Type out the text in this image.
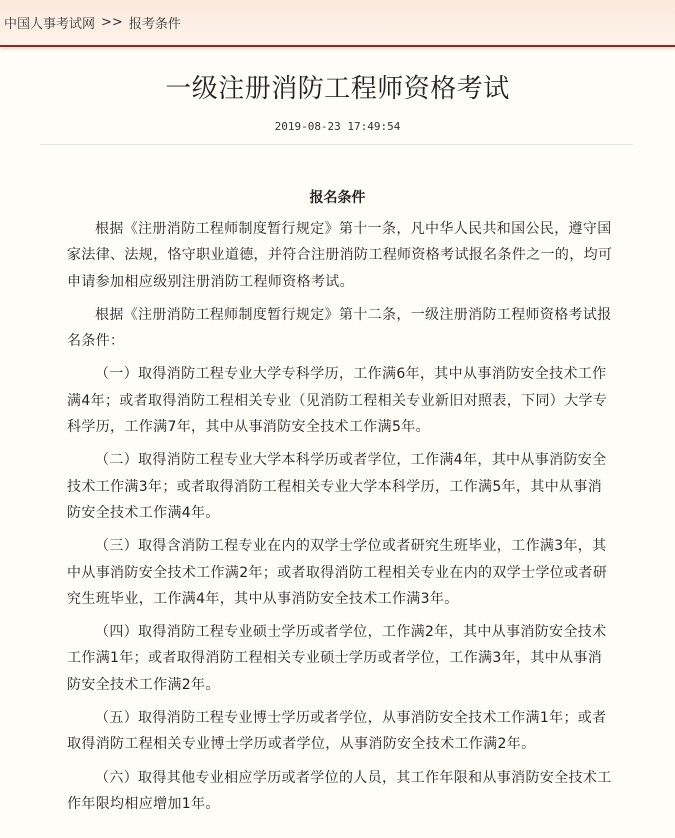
中国人事考试网 >> 报考条件
一级注册消防工程师资格考试
2019-08-23 17:49:54
报名条件

根据《注册消防工程师制度暂行规定》第十一条，凡中华人民共和国公民，遵守国家法律、法规，恪守职业道德，并符合注册消防工程师资格考试报名条件之一的，均可申请参加相应级别注册消防工程师资格考试。

根据《注册消防工程师制度暂行规定》第十二条，一级注册消防工程师资格考试报名条件：

（一）取得消防工程专业大学专科学历，工作满6年，其中从事消防安全技术工作满4年；或者取得消防工程相关专业（见消防工程相关专业新旧对照表，下同）大学专科学历，工作满7年，其中从事消防安全技术工作满5年。

（二）取得消防工程专业大学本科学历或者学位，工作满4年，其中从事消防安全技术工作满3年；或者取得消防工程相关专业大学本科学历，工作满5年，其中从事消防安全技术工作满4年。

（三）取得含消防工程专业在内的双学士学位或者研究生班毕业，工作满3年，其中从事消防安全技术工作满2年；或者取得消防工程相关专业在内的双学士学位或者研究生班毕业，工作满4年，其中从事消防安全技术工作满3年。

（四）取得消防工程专业硕士学历或者学位，工作满2年，其中从事消防安全技术工作满1年；或者取得消防工程相关专业硕士学历或者学位，工作满3年，其中从事消防安全技术工作满2年。

（五）取得消防工程专业博士学历或者学位，从事消防安全技术工作满1年；或者取得消防工程相关专业博士学历或者学位，从事消防安全技术工作满2年。

（六）取得其他专业相应学历或者学位的人员，其工作年限和从事消防安全技术工作年限均相应增加1年。
